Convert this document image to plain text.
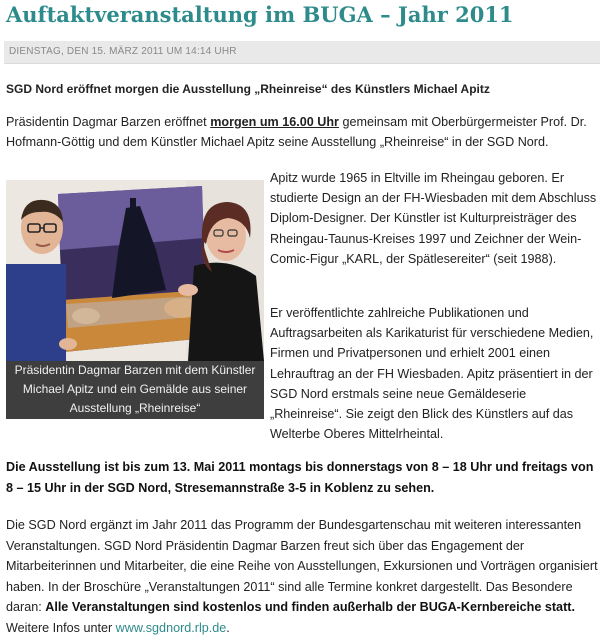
Auftaktveranstaltung im BUGA – Jahr 2011
DIENSTAG, DEN 15. MÄRZ 2011 UM 14:14 UHR

SGD Nord eröffnet morgen die Ausstellung „Rheinreise“ des Künstlers Michael Apitz

Präsidentin Dagmar Barzen eröffnet morgen um 16.00 Uhr gemeinsam mit Oberbürgermeister Prof. Dr. Hofmann-Göttig und dem Künstler Michael Apitz seine Ausstellung „Rheinreise“ in der SGD Nord.

Präsidentin Dagmar Barzen mit dem Künstler Michael Apitz und ein Gemälde aus seiner Ausstellung „Rheinreise“

Apitz wurde 1965 in Eltville im Rheingau geboren. Er studierte Design an der FH-Wiesbaden mit dem Abschluss Diplom-Designer. Der Künstler ist Kulturpreisträger des Rheingau-Taunus-Kreises 1997 und Zeichner der Wein-Comic-Figur „KARL, der Spätlesereiter“ (seit 1988).

Er veröffentlichte zahlreiche Publikationen und Auftragsarbeiten als Karikaturist für verschiedene Medien, Firmen und Privatpersonen und erhielt 2001 einen Lehrauftrag an der FH Wiesbaden. Apitz präsentiert in der SGD Nord erstmals seine neue Gemäldeserie „Rheinreise“. Sie zeigt den Blick des Künstlers auf das Welterbe Oberes Mittelrheintal.

Die Ausstellung ist bis zum 13. Mai 2011 montags bis donnerstags von 8 – 18 Uhr und freitags von 8 – 15 Uhr in der SGD Nord, Stresemannstraße 3-5 in Koblenz zu sehen.

Die SGD Nord ergänzt im Jahr 2011 das Programm der Bundesgartenschau mit weiteren interessanten Veranstaltungen. SGD Nord Präsidentin Dagmar Barzen freut sich über das Engagement der Mitarbeiterinnen und Mitarbeiter, die eine Reihe von Ausstellungen, Exkursionen und Vorträgen organisiert haben. In der Broschüre „Veranstaltungen 2011“ sind alle Termine konkret dargestellt. Das Besondere daran: Alle Veranstaltungen sind kostenlos und finden außerhalb der BUGA-Kernbereiche statt. Weitere Infos unter www.sgdnord.rlp.de.
